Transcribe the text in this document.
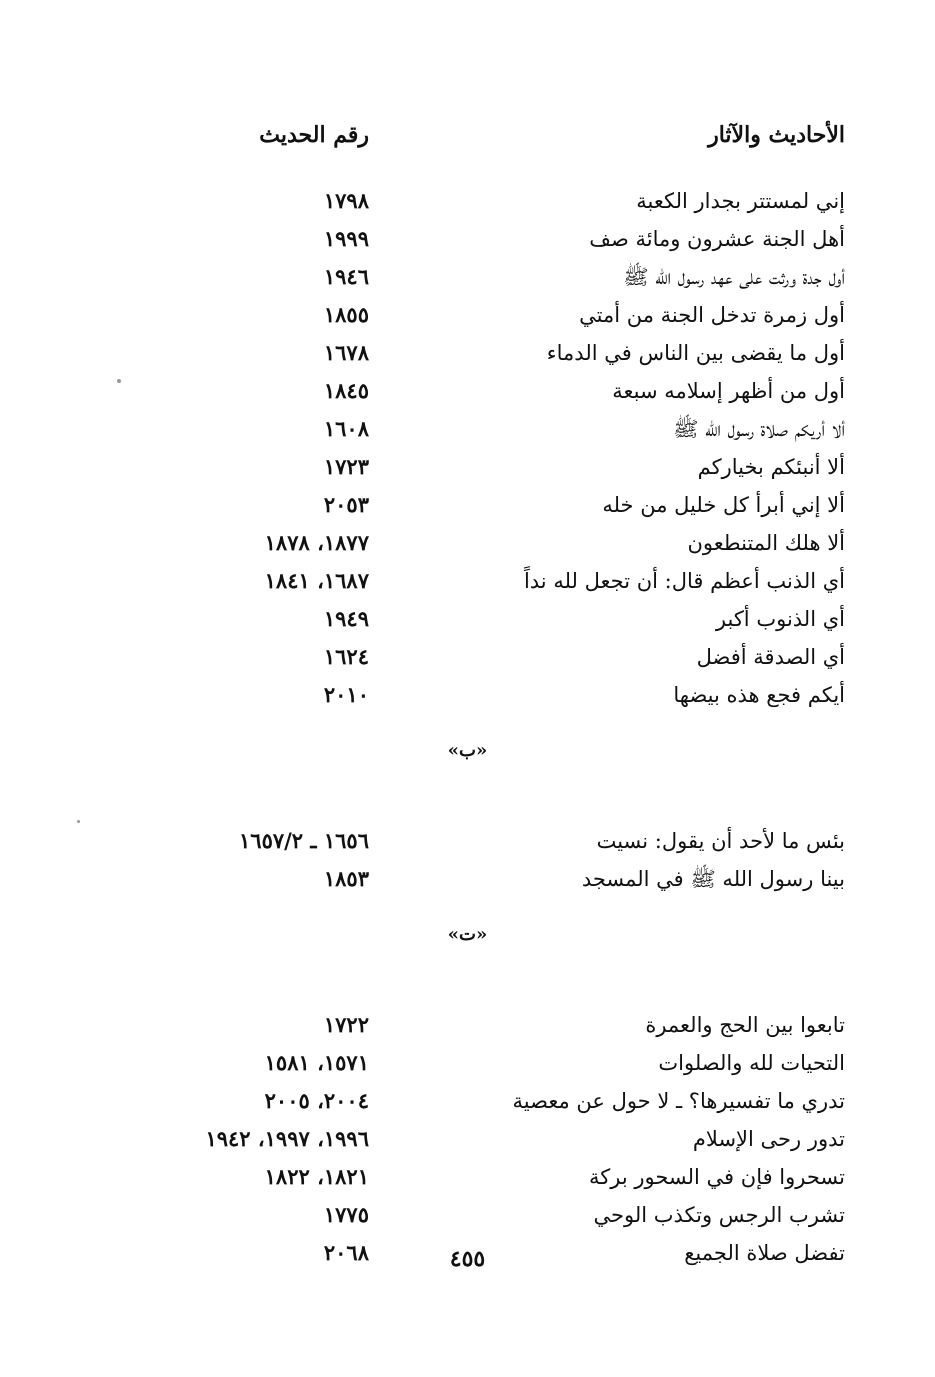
الأحاديث والآثار
رقم الحديث
إني لمستتر بجدار الكعبة
١٧٩٨
أهل الجنة عشرون ومائة صف
١٩٩٩
أول جدة ورثت على عهد رسول الله ﷺ
١٩٤٦
أول زمرة تدخل الجنة من أمتي
١٨٥٥
أول ما يقضى بين الناس في الدماء
١٦٧٨
أول من أظهر إسلامه سبعة
١٨٤٥
ألا أريكم صلاة رسول الله ﷺ
١٦٠٨
ألا أنبئكم بخياركم
١٧٢٣
ألا إني أبرأ كل خليل من خله
٢٠٥٣
ألا هلك المتنطعون
١٨٧٧، ١٨٧٨
أي الذنب أعظم قال: أن تجعل لله نداً
١٦٨٧، ١٨٤١
أي الذنوب أكبر
١٩٤٩
أي الصدقة أفضل
١٦٢٤
أيكم فجع هذه بيضها
٢٠١٠
«ب»
بئس ما لأحد أن يقول: نسيت
١٦٥٦ ـ ١٦٥٧/٢
بينا رسول الله ﷺ في المسجد
١٨٥٣
«ت»
تابعوا بين الحج والعمرة
١٧٢٢
التحيات لله والصلوات
١٥٧١، ١٥٨١
تدري ما تفسيرها؟ ـ لا حول عن معصية
٢٠٠٤، ٢٠٠٥
تدور رحى الإسلام
١٩٩٦، ١٩٩٧، ١٩٤٢
تسحروا فإن في السحور بركة
١٨٢١، ١٨٢٢
تشرب الرجس وتكذب الوحي
١٧٧٥
تفضل صلاة الجميع
٢٠٦٨	٤٥٥
